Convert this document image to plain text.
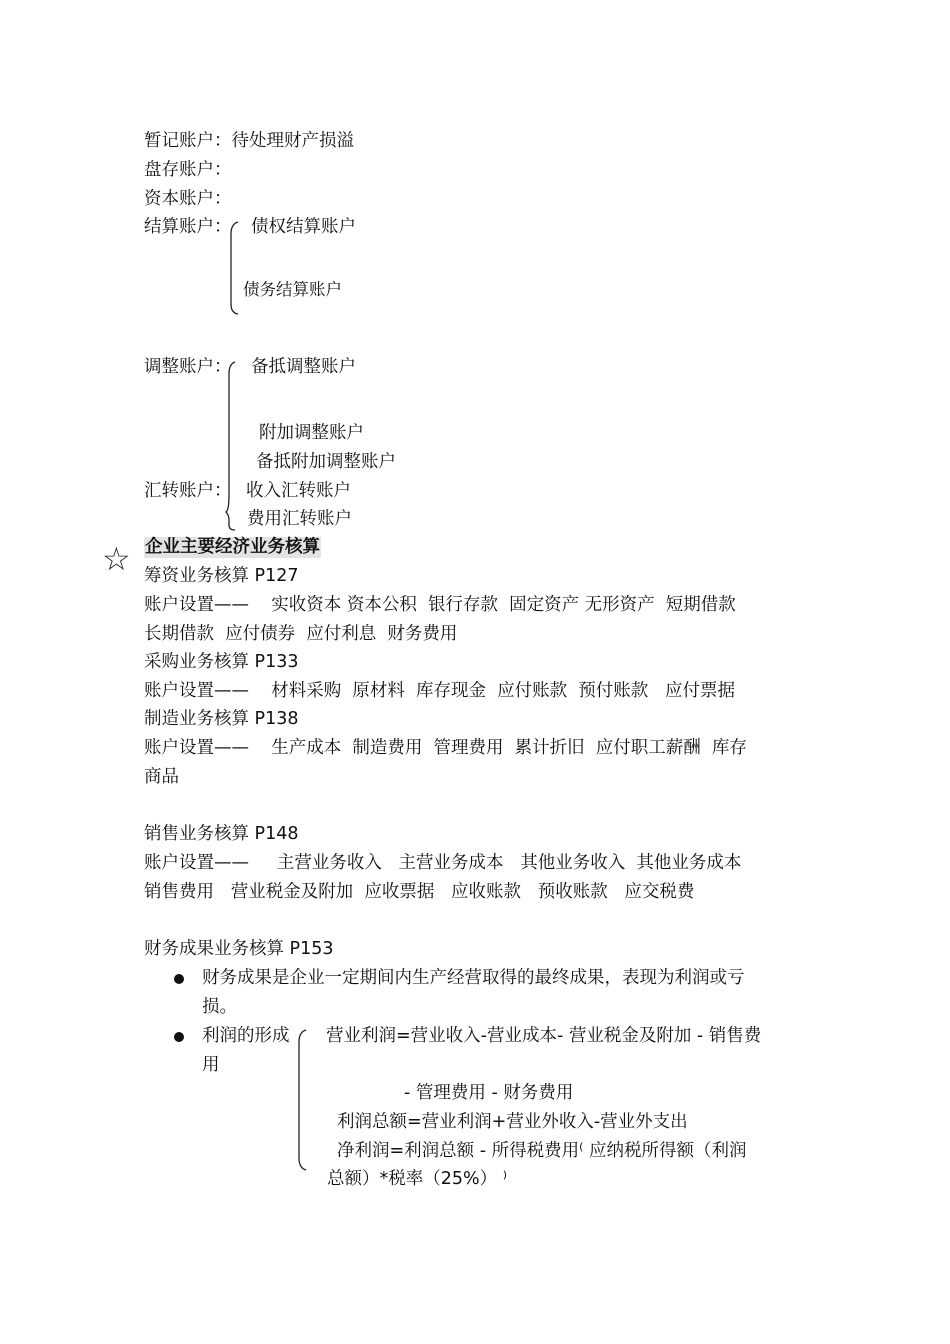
暂记账户：待处理财产损溢
盘存账户：
资本账户：
结算账户： 债权结算账户
债务结算账户
调整账户： 备抵调整账户
附加调整账户
备抵附加调整账户
汇转账户： 收入汇转账户
费用汇转账户
☆ 企业主要经济业务核算
筹资业务核算 P127
账户设置——    实收资本 资本公积  银行存款  固定资产 无形资产  短期借款
长期借款  应付债券  应付利息  财务费用
采购业务核算 P133
账户设置——    材料采购  原材料  库存现金  应付账款  预付账款   应付票据
制造业务核算 P138
账户设置——    生产成本  制造费用  管理费用  累计折旧  应付职工薪酬  库存
商品
销售业务核算 P148
账户设置——     主营业务收入   主营业务成本   其他业务收入  其他业务成本
销售费用   营业税金及附加  应收票据   应收账款   预收账款   应交税费
财务成果业务核算 P153
财务成果是企业一定期间内生产经营取得的最终成果，表现为利润或亏
损。
利润的形成
用
营业利润=营业收入-营业成本- 营业税金及附加 - 销售费
- 管理费用 - 财务费用
利润总额=营业利润+营业外收入-营业外支出
净利润=利润总额 - 所得税费用⁽ 应纳税所得额（利润
总额）*税率（25%） ⁾
